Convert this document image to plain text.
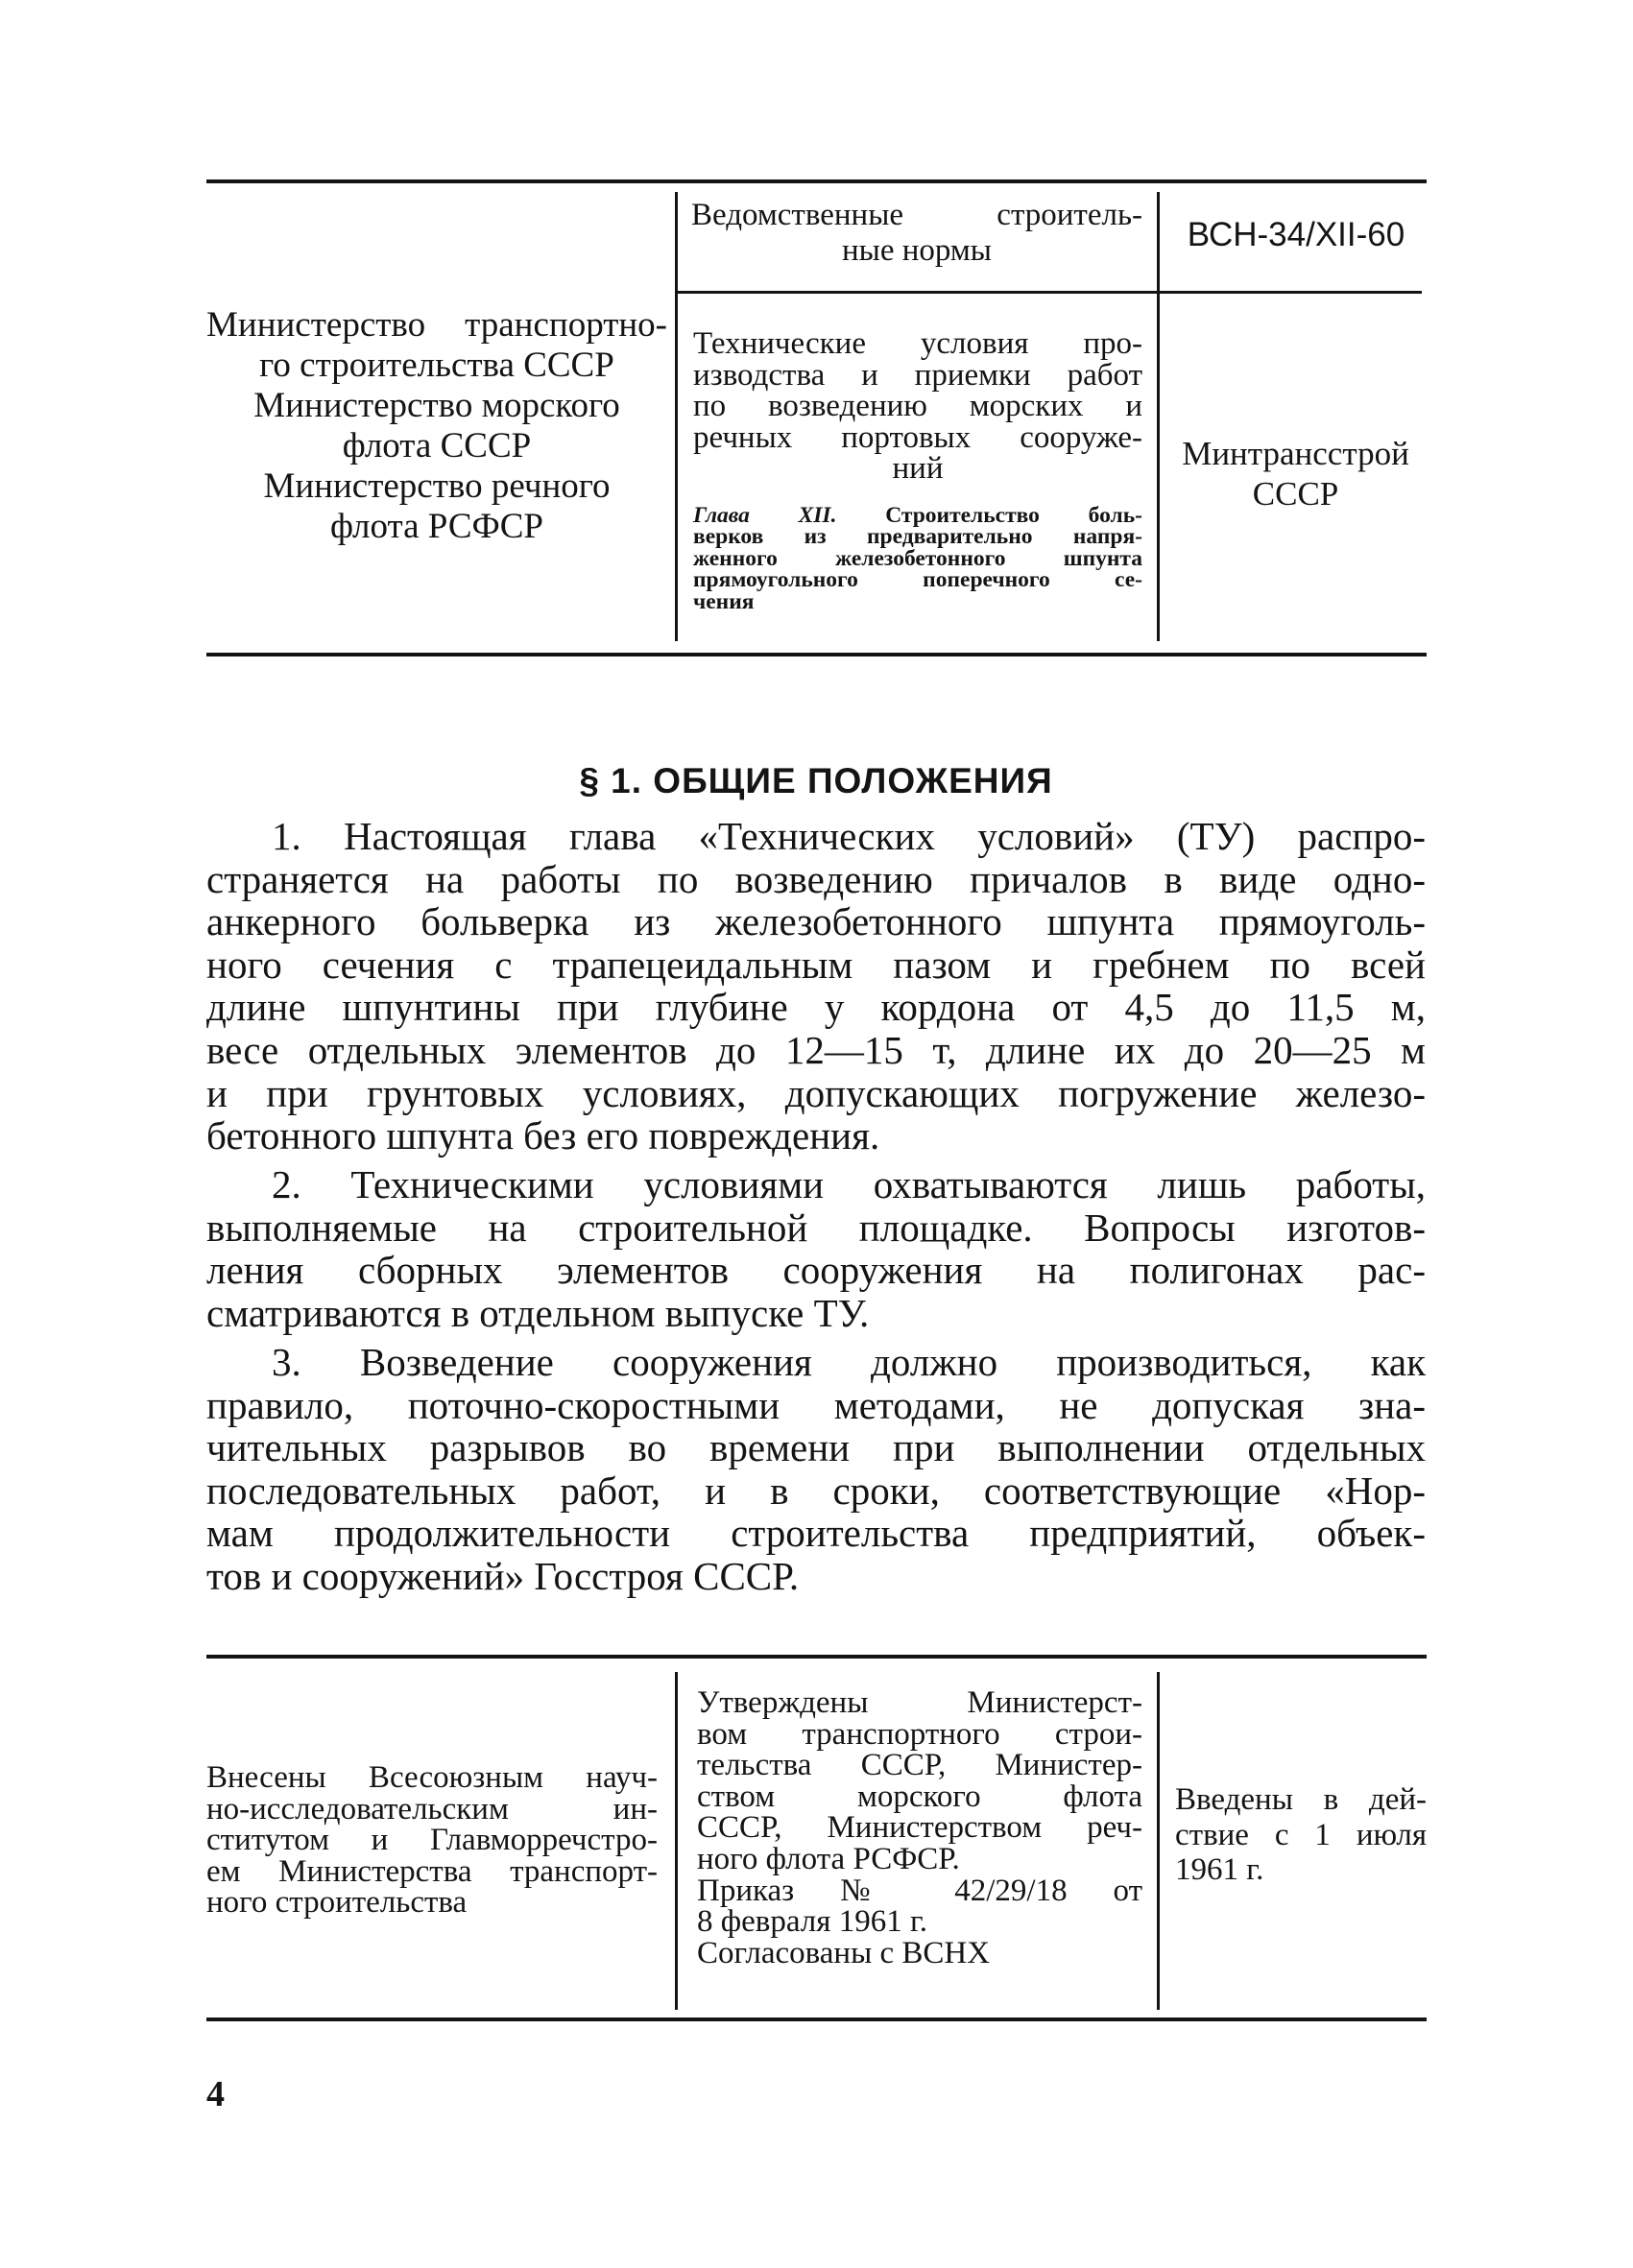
Министерство транспортно-
го строительства СССР
Министерство морского
флота СССР
Министерство речного
флота РСФСР
Ведомственные строитель-
ные нормы	ВСН-34/XII-60
Технические условия про-
изводства и приемки работ
по возведению морских и
речных портовых сооруже-
ний
Глава XII. Строительство боль-
верков из предварительно напря-
женного железобетонного шпунта
прямоугольного поперечного се-
чения
Минтрансстрой
СССР
§ 1. ОБЩИЕ ПОЛОЖЕНИЯ
1. Настоящая глава «Технических условий» (ТУ) распро-
страняется на работы по возведению причалов в виде одно-
анкерного больверка из железобетонного шпунта прямоуголь-
ного сечения с трапецеидальным пазом и гребнем по всей
длине шпунтины при глубине у кордона от 4,5 до 11,5 м,
весе отдельных элементов до 12—15 т, длине их до 20—25 м
и при грунтовых условиях, допускающих погружение железо-
бетонного шпунта без его повреждения.
2. Техническими условиями охватываются лишь работы,
выполняемые на строительной площадке. Вопросы изготов-
ления сборных элементов сооружения на полигонах рас-
сматриваются в отдельном выпуске ТУ.
3. Возведение сооружения должно производиться, как
правило, поточно-скоростными методами, не допуская зна-
чительных разрывов во времени при выполнении отдельных
последовательных работ, и в сроки, соответствующие «Нор-
мам продолжительности строительства предприятий, объек-
тов и сооружений» Госстроя СССР.
Внесены Всесоюзным науч-
но-исследовательским ин-
ститутом и Главморречстро-
ем Министерства транспорт-
ного строительства
Утверждены Министерст-
вом транспортного строи-
тельства СССР, Министер-
ством морского флота
СССР, Министерством реч-
ного флота РСФСР.
Приказ № 42/29/18 от
8 февраля 1961 г.
Согласованы с ВСНХ
Введены в дей-
ствие с 1 июля
1961 г.
4
